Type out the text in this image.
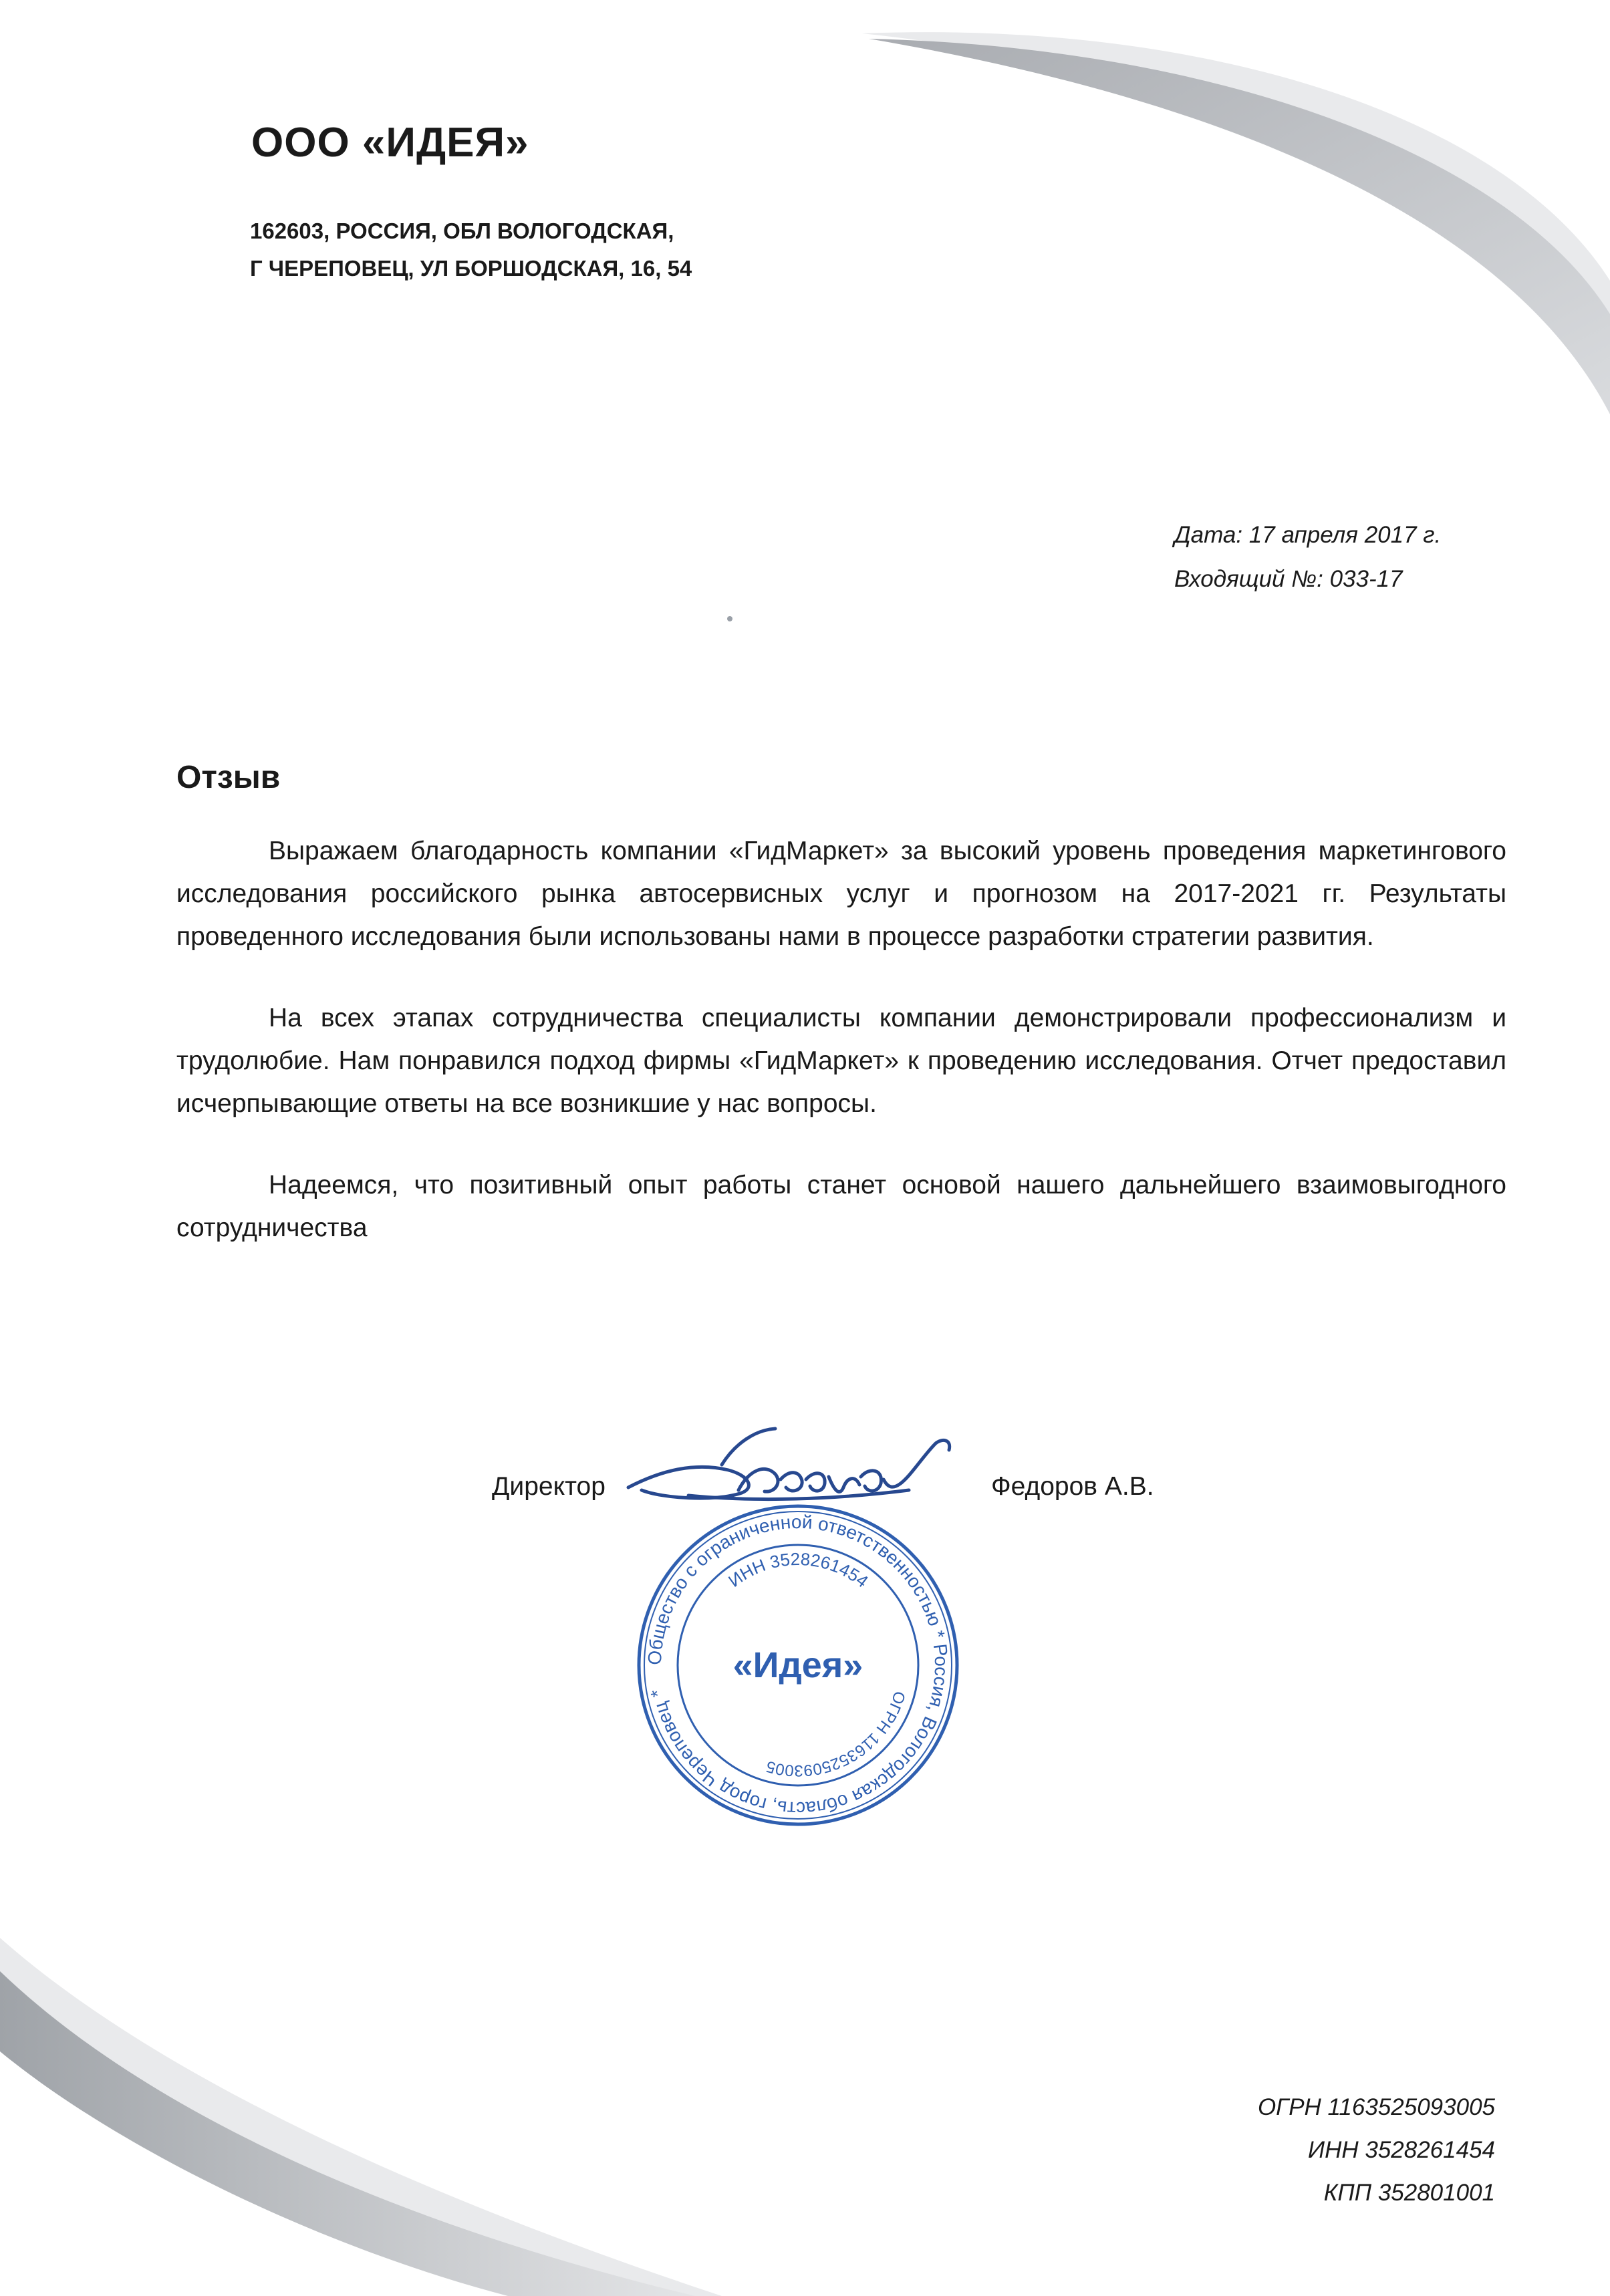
ООО «ИДЕЯ»
162603, РОССИЯ, ОБЛ ВОЛОГОДСКАЯ,
Г ЧЕРЕПОВЕЦ, УЛ БОРШОДСКАЯ, 16, 54
Дата: 17 апреля 2017 г.
Входящий №: 033-17
Отзыв

Выражаем благодарность компании «ГидМаркет» за высокий уровень проведения маркетингового исследования российского рынка автосервисных услуг и прогнозом на 2017-2021 гг. Результаты проведенного исследования были использованы нами в процессе разработки стратегии развития.

На всех этапах сотрудничества специалисты компании демонстрировали профессионализм и трудолюбие. Нам понравился подход фирмы «ГидМаркет» к проведению исследования. Отчет предоставил исчерпывающие ответы на все возникшие у нас вопросы.

Надеемся, что позитивный опыт работы станет основой нашего дальнейшего взаимовыгодного сотрудничества

Директор	Федоров А.В.
Общество с ограниченной ответственностью * Россия, Вологодская область, город Череповец *
ИНН 3528261454
ОГРН 1163525093005
«Идея»
ОГРН 1163525093005
ИНН 3528261454
КПП 352801001
